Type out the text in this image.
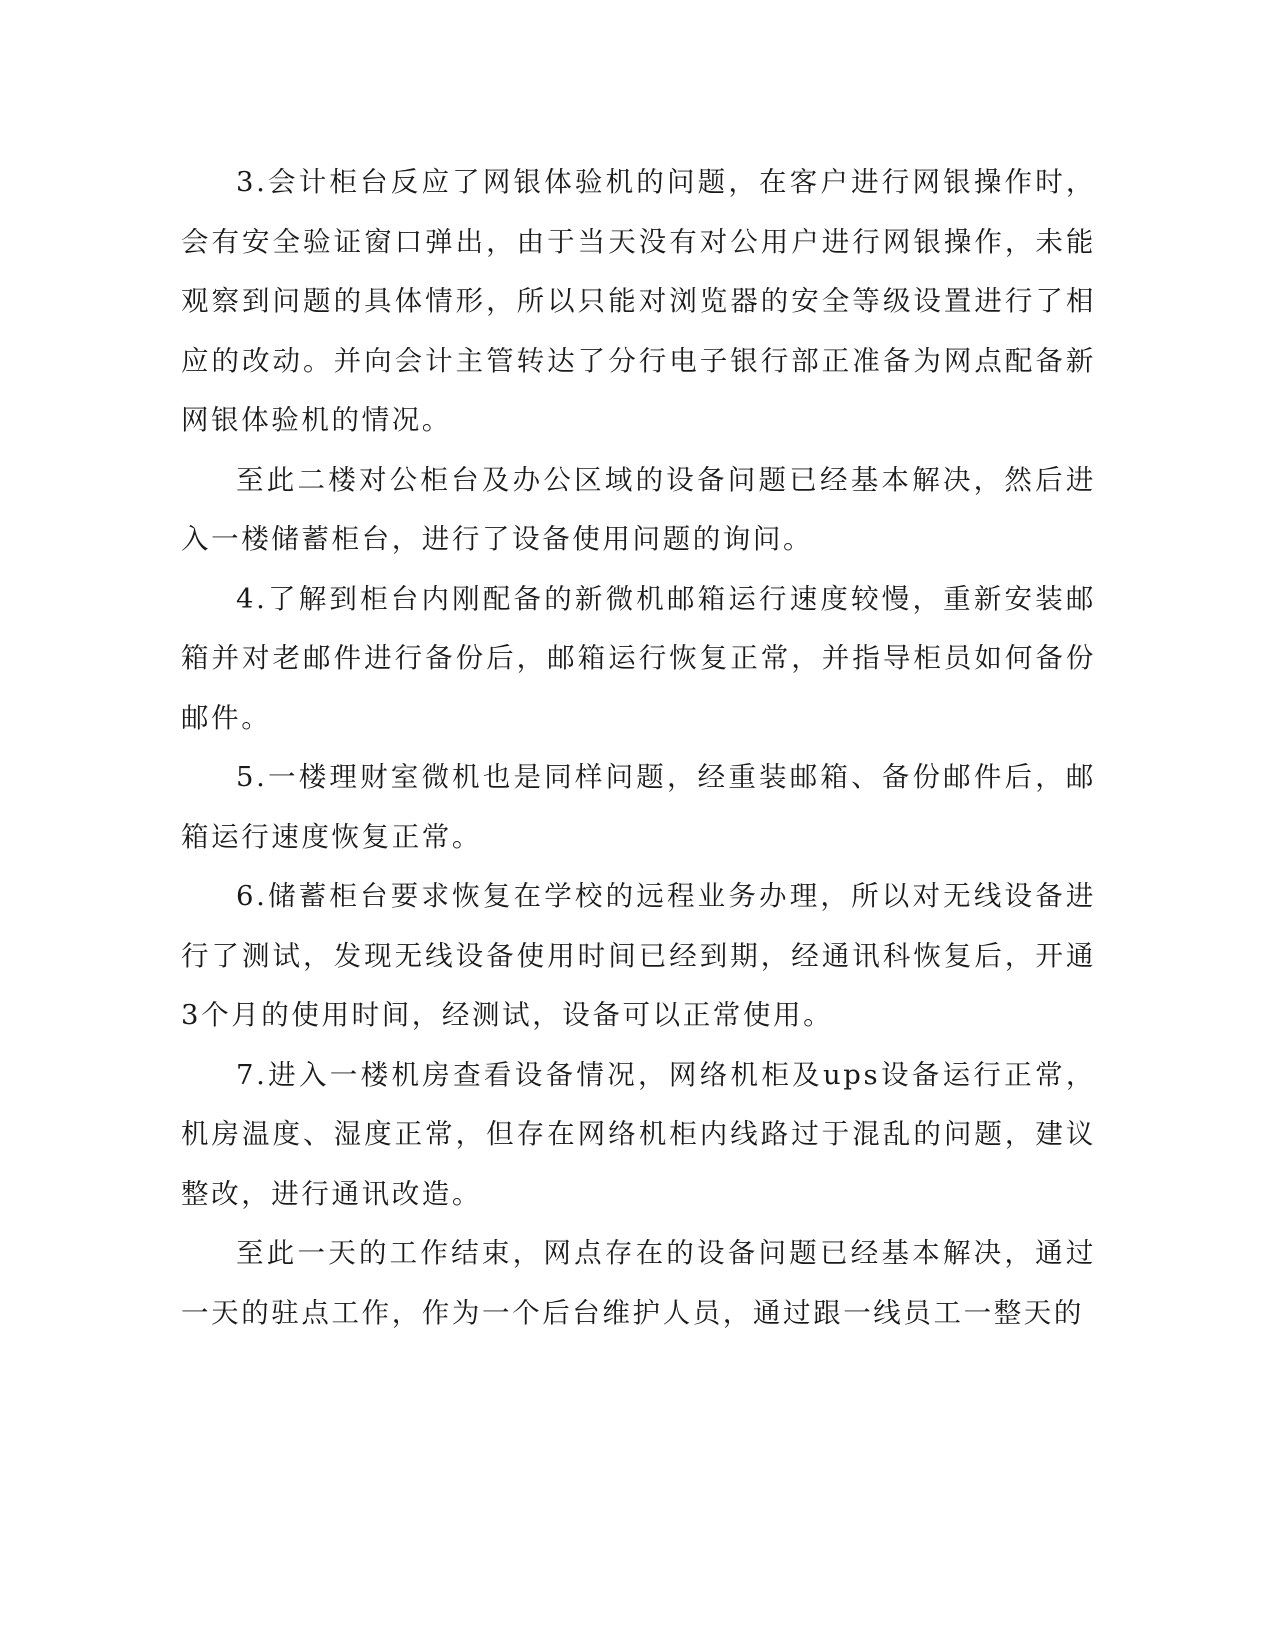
3.会计柜台反应了网银体验机的问题，在客户进行网银操作时，会有安全验证窗口弹出，由于当天没有对公用户进行网银操作，未能观察到问题的具体情形，所以只能对浏览器的安全等级设置进行了相应的改动。并向会计主管转达了分行电子银行部正准备为网点配备新网银体验机的情况。

至此二楼对公柜台及办公区域的设备问题已经基本解决，然后进入一楼储蓄柜台，进行了设备使用问题的询问。

4.了解到柜台内刚配备的新微机邮箱运行速度较慢，重新安装邮箱并对老邮件进行备份后，邮箱运行恢复正常，并指导柜员如何备份邮件。

5.一楼理财室微机也是同样问题，经重装邮箱、备份邮件后，邮箱运行速度恢复正常。

6.储蓄柜台要求恢复在学校的远程业务办理，所以对无线设备进行了测试，发现无线设备使用时间已经到期，经通讯科恢复后，开通3个月的使用时间，经测试，设备可以正常使用。

7.进入一楼机房查看设备情况，网络机柜及ups设备运行正常，机房温度、湿度正常，但存在网络机柜内线路过于混乱的问题，建议整改，进行通讯改造。

至此一天的工作结束，网点存在的设备问题已经基本解决，通过一天的驻点工作，作为一个后台维护人员，通过跟一线员工一整天的
